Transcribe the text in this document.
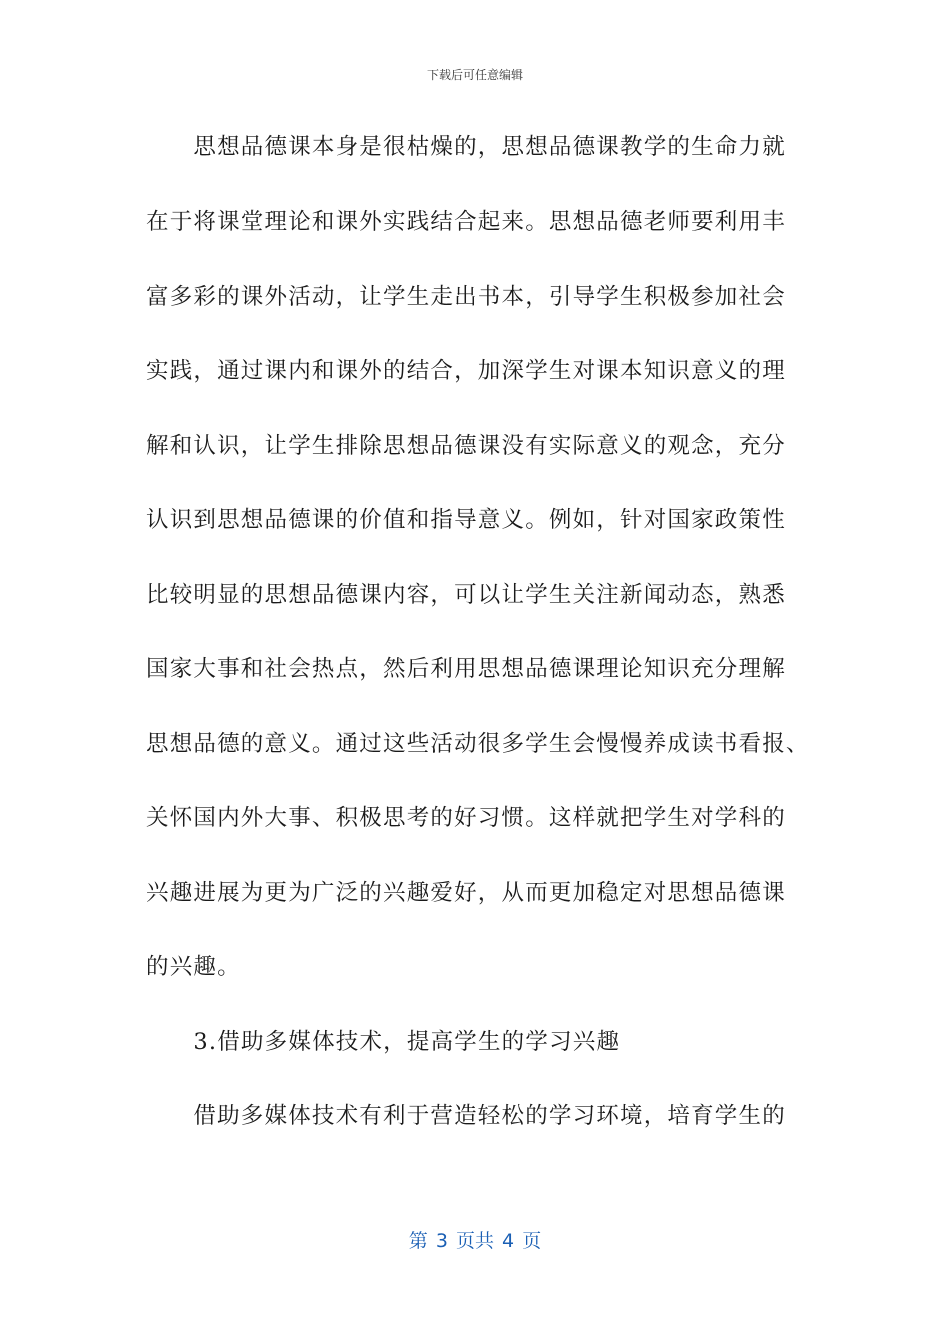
下载后可任意编辑
　　思想品德课本身是很枯燥的，思想品德课教学的生命力就
在于将课堂理论和课外实践结合起来。思想品德老师要利用丰
富多彩的课外活动，让学生走出书本，引导学生积极参加社会
实践，通过课内和课外的结合，加深学生对课本知识意义的理
解和认识，让学生排除思想品德课没有实际意义的观念，充分
认识到思想品德课的价值和指导意义。例如，针对国家政策性
比较明显的思想品德课内容，可以让学生关注新闻动态，熟悉
国家大事和社会热点，然后利用思想品德课理论知识充分理解
思想品德的意义。通过这些活动很多学生会慢慢养成读书看报、
关怀国内外大事、积极思考的好习惯。这样就把学生对学科的
兴趣进展为更为广泛的兴趣爱好，从而更加稳定对思想品德课
的兴趣。
　　3.借助多媒体技术，提高学生的学习兴趣
　　借助多媒体技术有利于营造轻松的学习环境，培育学生的
第 3 页共 4 页
